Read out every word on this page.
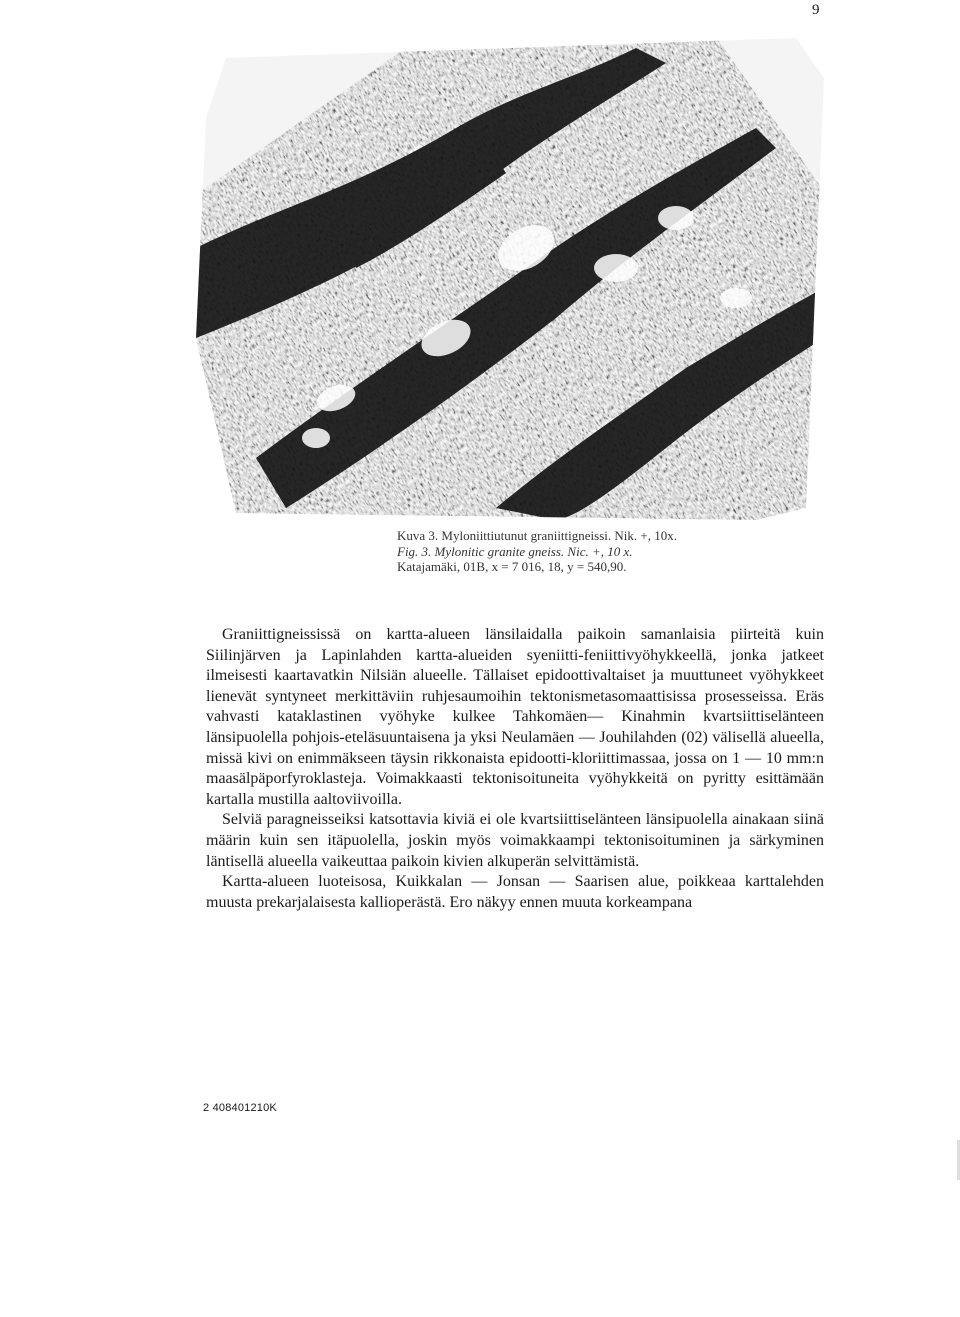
9
Kuva 3. Myloniittiutunut graniittigneissi. Nik. +, 10x.
Fig. 3. Mylonitic granite gneiss. Nic. +, 10 x.
Katajamäki, 01B, x = 7 016, 18, y = 540,90.

Graniittigneississä on kartta-alueen länsilaidalla paikoin samanlaisia piirteitä kuin Siilinjärven ja Lapinlahden kartta-alueiden syeniitti-feniittivyöhykkeellä, jonka jatkeet ilmeisesti kaartavatkin Nilsiän alueelle. Tällaiset epidoottivaltaiset ja muuttuneet vyöhykkeet lienevät syntyneet merkittäviin ruhjesaumoihin tektonismetasomaattisissa prosesseissa. Eräs vahvasti kataklastinen vyöhyke kulkee Tahkomäen— Kinahmin kvartsiittiselänteen länsipuolella pohjois-eteläsuuntaisena ja yksi Neulamäen — Jouhilahden (02) välisellä alueella, missä kivi on enimmäkseen täysin rikkonaista epidootti-kloriittimassaa, jossa on 1 — 10 mm:n maasälpäporfyroklasteja. Voimakkaasti tektonisoituneita vyöhykkeitä on pyritty esittämään kartalla mustilla aaltoviivoilla.

Selviä paragneisseiksi katsottavia kiviä ei ole kvartsiittiselänteen länsipuolella ainakaan siinä määrin kuin sen itäpuolella, joskin myös voimakkaampi tektonisoituminen ja särkyminen läntisellä alueella vaikeuttaa paikoin kivien alkuperän selvittämistä.

Kartta-alueen luoteisosa, Kuikkalan — Jonsan — Saarisen alue, poikkeaa karttalehden muusta prekarjalaisesta kallioperästä. Ero näkyy ennen muuta korkeampana

2 408401210K
